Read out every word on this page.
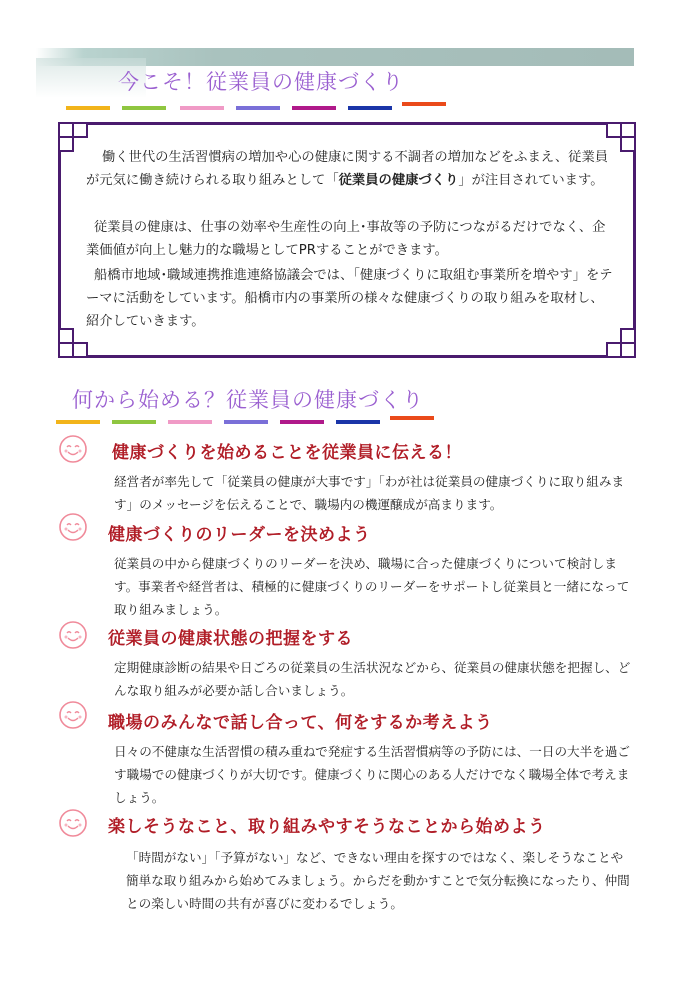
今こそ！従業員の健康づくり
働く世代の生活習慣病の増加や心の健康に関する不調者の増加などをふまえ、従業員が元気に働き続けられる取り組みとして「従業員の健康づくり」が注目されています。
従業員の健康は、仕事の効率や生産性の向上･事故等の予防につながるだけでなく、企業価値が向上し魅力的な職場としてPRすることができます。
船橋市地域･職域連携推進連絡協議会では、「健康づくりに取組む事業所を増やす」をテーマに活動をしています。船橋市内の事業所の様々な健康づくりの取り組みを取材し、紹介していきます。
何から始める？従業員の健康づくり
健康づくりを始めることを従業員に伝える！
経営者が率先して「従業員の健康が大事です」「わが社は従業員の健康づくりに取り組みます」のメッセージを伝えることで、職場内の機運醸成が高まります。
健康づくりのリーダーを決めよう
従業員の中から健康づくりのリーダーを決め、職場に合った健康づくりについて検討します。事業者や経営者は、積極的に健康づくりのリーダーをサポートし従業員と一緒になって取り組みましょう。
従業員の健康状態の把握をする
定期健康診断の結果や日ごろの従業員の生活状況などから、従業員の健康状態を把握し、どんな取り組みが必要か話し合いましょう。
職場のみんなで話し合って、何をするか考えよう
日々の不健康な生活習慣の積み重ねで発症する生活習慣病等の予防には、一日の大半を過ごす職場での健康づくりが大切です。健康づくりに関心のある人だけでなく職場全体で考えましょう。
楽しそうなこと、取り組みやすそうなことから始めよう
「時間がない」「予算がない」など、できない理由を探すのではなく、楽しそうなことや簡単な取り組みから始めてみましょう。からだを動かすことで気分転換になったり、仲間との楽しい時間の共有が喜びに変わるでしょう。
